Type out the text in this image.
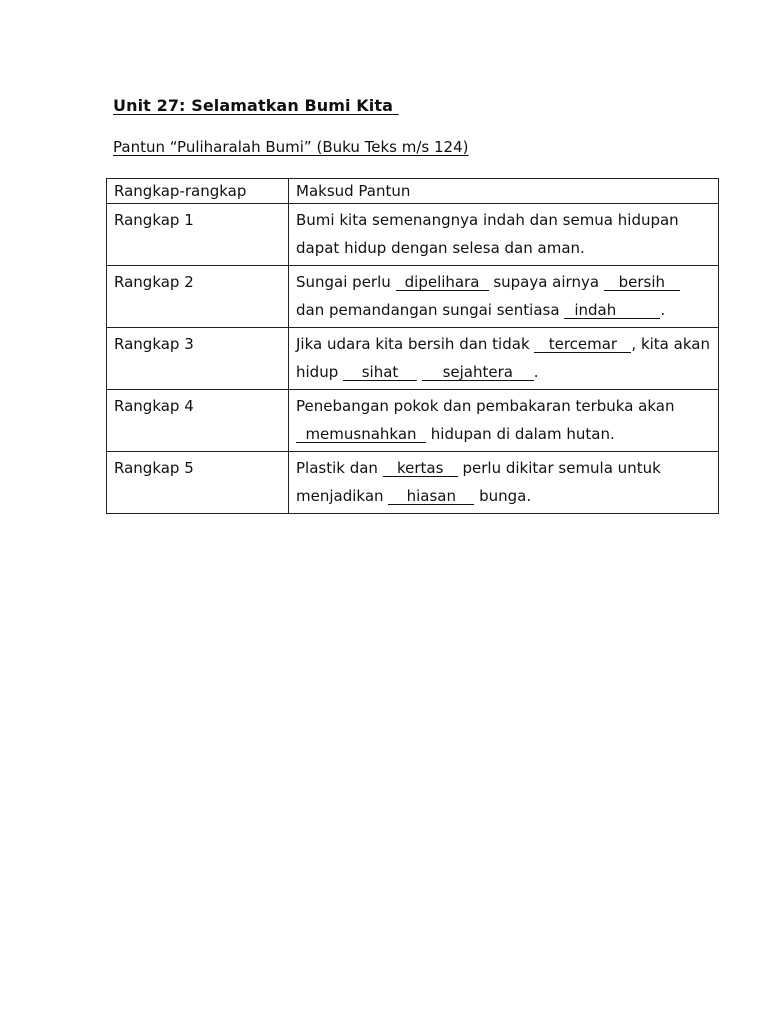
Unit 27: Selamatkan Bumi Kita
Pantun “Puliharalah Bumi” (Buku Teks m/s 124)
Rangkap-rangkap	Maksud Pantun
Rangkap 1	Bumi kita semenangnya indah dan semua hidupan dapat hidup dengan selesa dan aman.
Rangkap 2	Sungai perlu dipelihara supaya airnya bersih dan pemandangan sungai sentiasa indah .
Rangkap 3	Jika udara kita bersih dan tidak tercemar , kita akan hidup sihat sejahtera .
Rangkap 4	Penebangan pokok dan pembakaran terbuka akan memusnahkan hidupan di dalam hutan.
Rangkap 5	Plastik dan kertas perlu dikitar semula untuk menjadikan hiasan bunga.
